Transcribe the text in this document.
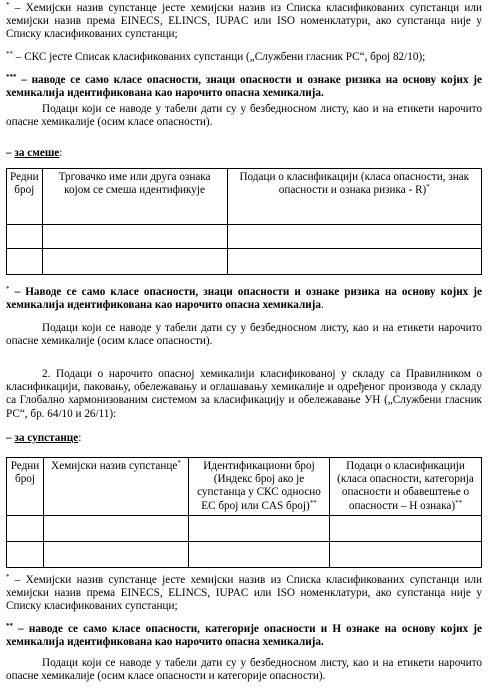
* – Хемијски назив супстанце јесте хемијски назив из Списка класификованих супстанци или хемијски назив према EINECS, ELINCS, IUPAC или ISO номенклатури, ако супстанца није у Списку класификованих супстанци;
** – СКС јесте Списак класификованих супстанци („Службени гласник РС“, број 82/10);
*** – наводе се само класе опасности, знаци опасности и ознаке ризика на основу којих је хемикалија идентификована као нарочито опасна хемикалија.
Подаци који се наводе у табели дати су у безбедносном листу, као и на етикети нарочито опасне хемикалије (осим класе опасности).
– за смеше:
Редни број	Трговачко име или друга ознака којом се смеша идентификује	Подаци о класификацији (класа опасности, знак опасности и ознака ризика - R)*

* – Наводе се само класе опасности, знаци опасности и ознаке ризика на основу којих је хемикалија идентификована као нарочито опасна хемикалија.
Подаци који се наводе у табели дати су у безбедносном листу, као и на етикети нарочито опасне хемикалије (осим класе опасности).
2. Подаци о нарочито опасној хемикалији класификованој у складу са Правилником о класификацији, паковању, обележавању и оглашавању хемикалије и одређеног производа у складу са Глобално хармонизованим системом за класификацију и обележавање УН („Службени гласник РС“, бр. 64/10 и 26/11):
– за супстанце:
Редни број	Хемијски назив супстанце*	Идентификациони број (Индекс број ако је супстанца у СКС односно ЕС број или CAS број)**	Подаци о класификацији (класа опасности, категорија опасности и обавештење о опасности – H ознака)**

* – Хемијски назив супстанце јесте хемијски назив из Списка класификованих супстанци или хемијски назив према EINECS, ELINCS, IUPAC или ISO номенклатури, ако супстанца није у Списку класификованих супстанци;
** – наводе се само класе опасности, категорије опасности и H ознаке на основу којих је хемикалија идентификована као нарочито опасна хемикалија.
Подаци који се наводе у табели дати су у безбедносном листу, као и на етикети нарочито опасне хемикалије (осим класе опасности и категорије опасности).
